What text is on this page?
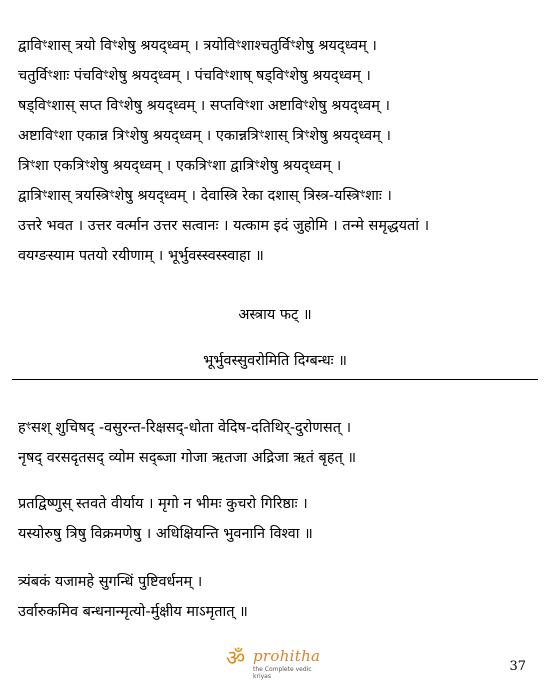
द्वाविꣳशास् त्रयो विꣳशेषु श्रयद्ध्वम् । त्रयोविꣳशाश्चतुर्विꣳशेषु श्रयद्ध्वम् ।
चतुर्विꣳशाः पंचविꣳशेषु श्रयद्ध्वम् । पंचविꣳशाष् षड्विꣳशेषु श्रयद्ध्वम् ।
षड्विꣳशास् सप्त विꣳशेषु श्रयद्ध्वम् । सप्तविꣳशा अष्टाविꣳशेषु श्रयद्ध्वम् ।
अष्टाविꣳशा एकान्न त्रिꣳशेषु श्रयद्ध्वम् । एकान्नत्रिꣳशास् त्रिꣳशेषु श्रयद्ध्वम् ।
त्रिꣳशा एकत्रिꣳशेषु श्रयद्ध्वम् । एकत्रिꣳशा द्वात्रिꣳशेषु श्रयद्ध्वम् ।
द्वात्रिꣳशास् त्रयस्त्रिꣳशेषु श्रयद्ध्वम् । देवास्त्रि रेका दशास् त्रिस्त्र-यस्त्रिꣳशाः ।
उत्तरे भवत । उत्तर वर्त्मान उत्तर सत्वानः । यत्काम इदं जुहोमि । तन्मे समृद्धयतां ।
वयग्ङस्याम पतयो रयीणाम् । भूर्भुवस्स्वस्स्वाहा ॥
अस्त्राय फट् ॥
भूर्भुवस्सुवरोमिति दिग्बन्धः ॥
हꣳसश् शुचिषद् -वसुरन्त-रिक्षसद्-धोता वेदिष-दतिथिर्-दुरोणसत् ।
नृषद् वरसदृतसद् व्योम सद्ब्जा गोजा ऋतजा अद्रिजा ऋतं बृहत् ॥
प्रतद्विष्णुस् स्तवते वीर्याय । मृगो न भीमः कुचरो गिरिष्ठाः ।
यस्योरुषु त्रिषु विक्रमणेषु । अधिक्षियन्ति भुवनानि विश्वा ॥
त्र्यंबकं यजामहे सुगन्धिं पुष्टिवर्धनम् ।
उर्वारुकमिव बन्धनान्मृत्यो-र्मुक्षीय माऽमृतात् ॥
ॐ prohitha
the Complete vedic kriyas
37
